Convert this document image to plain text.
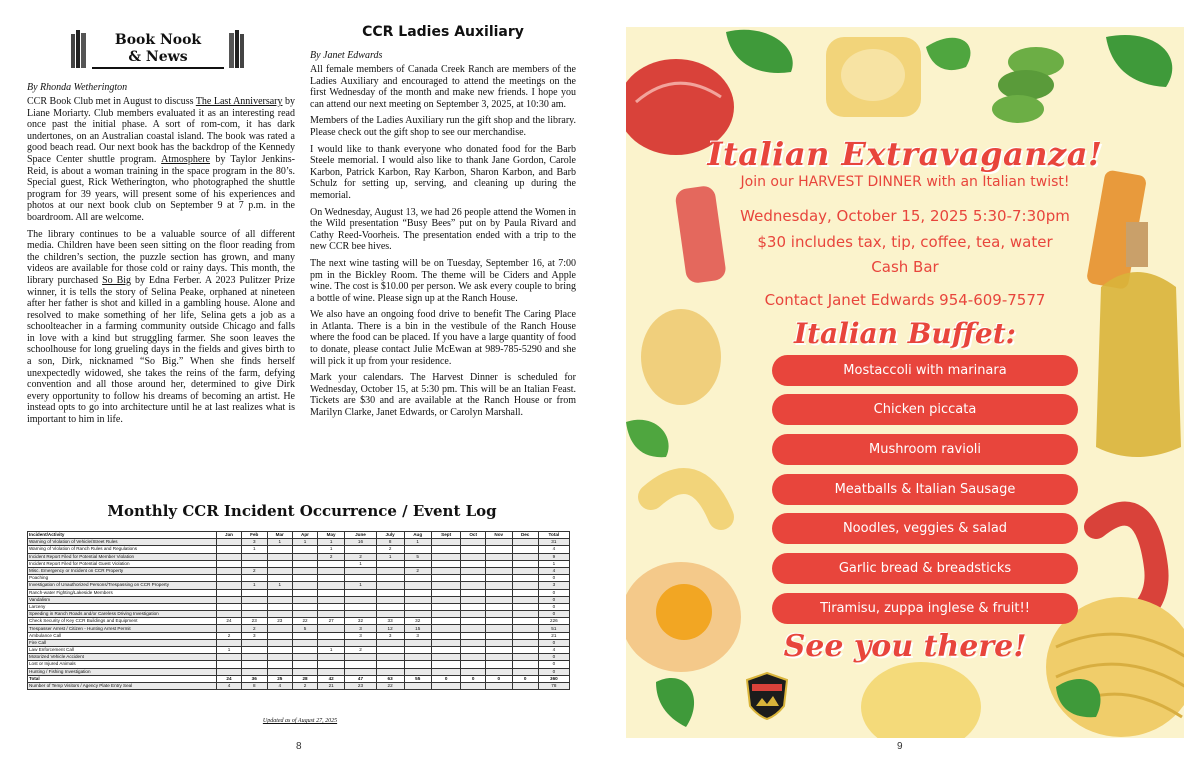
Book Nook
& News
By Rhonda Wetherington

CCR Book Club met in August to discuss The Last Anniversary by Liane Moriarty. Club members evaluated it as an interesting read once past the initial phase. A sort of rom-com, it has dark undertones, on an Australian coastal island. The book was rated a good beach read. Our next book has the backdrop of the Kennedy Space Center shuttle program. Atmosphere by Taylor Jenkins-Reid, is about a woman training in the space program in the 80’s. Special guest, Rick Wetherington, who photographed the shuttle program for 39 years, will present some of his experiences and photos at our next book club on September 9 at 7 p.m. in the boardroom. All are welcome.

The library continues to be a valuable source of all different media. Children have been seen sitting on the floor reading from the children’s section, the puzzle section has grown, and many videos are available for those cold or rainy days. This month, the library purchased So Big by Edna Ferber. A 2023 Pulitzer Prize winner, it is tells the story of Selina Peake, orphaned at nineteen after her father is shot and killed in a gambling house. Alone and resolved to make something of her life, Selina gets a job as a schoolteacher in a farming community outside Chicago and falls in love with a kind but struggling farmer. She soon leaves the schoolhouse for long grueling days in the fields and gives birth to a son, Dirk, nicknamed “So Big.” When she finds herself unexpectedly widowed, she takes the reins of the farm, defying convention and all those around her, determined to give Dirk every opportunity to follow his dreams of becoming an artist. He instead opts to go into architecture until he at last realizes what is important to him in life.

CCR Ladies Auxiliary
By Janet Edwards

All female members of Canada Creek Ranch are members of the Ladies Auxiliary and encouraged to attend the meetings on the first Wednesday of the month and make new friends. I hope you can attend our next meeting on September 3, 2025, at 10:30 am.

Members of the Ladies Auxiliary run the gift shop and the library. Please check out the gift shop to see our merchandise.

I would like to thank everyone who donated food for the Barb Steele memorial. I would also like to thank Jane Gordon, Carole Karbon, Patrick Karbon, Ray Karbon, Sharon Karbon, and Barb Schulz for setting up, serving, and cleaning up during the memorial.

On Wednesday, August 13, we had 26 people attend the Women in the Wild presentation “Busy Bees” put on by Paula Rivard and Cathy Reed-Voorheis. The presentation ended with a trip to the new CCR bee hives.

The next wine tasting will be on Tuesday, September 16, at 7:00 pm in the Bickley Room. The theme will be Ciders and Apple wine. The cost is $10.00 per person. We ask every couple to bring a bottle of wine. Please sign up at the Ranch House.

We also have an ongoing food drive to benefit The Caring Place in Atlanta. There is a bin in the vestibule of the Ranch House where the food can be placed. If you have a large quantity of food to donate, please contact Julie McEwan at 989-785-5290 and she will pick it up from your residence.

Mark your calendars. The Harvest Dinner is scheduled for Wednesday, October 15, at 5:30 pm. This will be an Italian Feast. Tickets are $30 and are available at the Ranch House or from Marilyn Clarke, Janet Edwards, or Carolyn Marshall.

Monthly CCR Incident Occurrence / Event Log
Incident/Activity	Jan	Feb	Mar	Apr	May	June	July	Aug	Sept	Oct	Nov	Dec	Total
Warning of Violation of Vehicle/Street Rules		3	1	1	1	16	8	1					31
Warning of Violation of Ranch Rules and Regulations		1			1		2						4
Incident Report Filed for Potential Member Violation					2	2	1	5					9
Incident Report Filed for Potential Guest Violation						1							1
Misc. Emergency or Incident on CCR Property		2						2					4
Poaching													0
Investigation of Unauthorized Persons/Trespassing on CCR Property		1	1			1							3
Ranch-water Fighting/Lakeside Members													0
Vandalism													0
Larceny													0
Speeding in Ranch Roads and/or Careless Driving Investigation													0
Check Security of Key CCR Buildings and Equipment	24	23	23	22	27	32	33	32					226
Trespasser Arrest / Citizen - Hunting Arrest Permit		2		5		3	12	15					51
Ambulance Call	2	3				3	3	3					21
Fire Call													0
Law Enforcement Call	1				1	2							4
Motorized Vehicle Accident													0
Lost or Injured Animals													0
Hunting / Fishing Investigation													0
Total	24	36	25	28	42	47	63	55	0	0	0	0	360
Number of Temp Visitors / Agency Plate Entry Seal	4	8	4	2	21	23	22						78
Updated as of August 27, 2025
8
Italian Extravaganza!
Join our HARVEST DINNER with an Italian twist!
Wednesday, October 15, 2025 5:30-7:30pm
$30 includes tax, tip, coffee, tea, water
Cash Bar
Contact Janet Edwards 954-609-7577
Italian Buffet:
Mostaccoli with marinara
Chicken piccata
Mushroom ravioli
Meatballs & Italian Sausage
Noodles, veggies & salad
Garlic bread & breadsticks
Tiramisu, zuppa inglese & fruit!!
See you there!
9
